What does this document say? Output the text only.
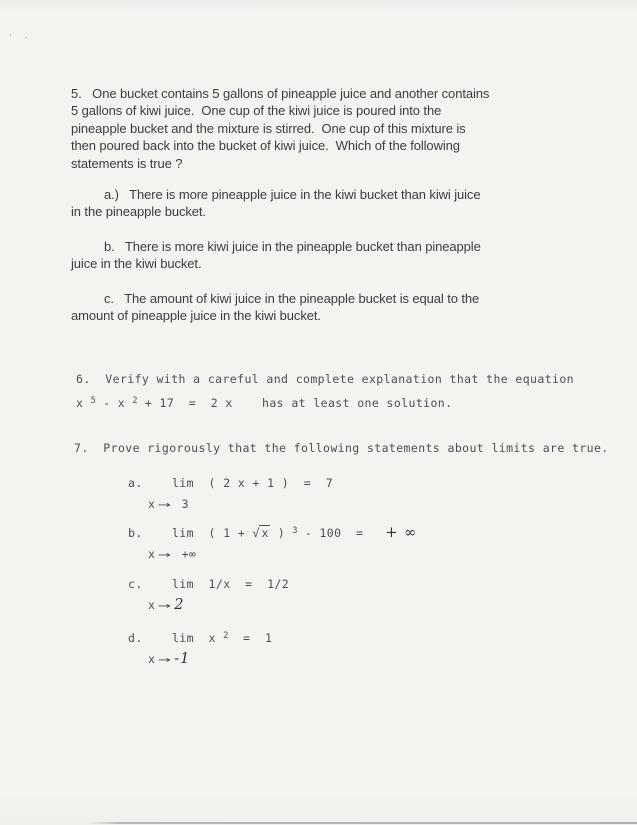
· .
5.   One bucket contains 5 gallons of pineapple juice and another contains
5 gallons of kiwi juice.  One cup of the kiwi juice is poured into the
pineapple bucket and the mixture is stirred.  One cup of this mixture is
then poured back into the bucket of kiwi juice.  Which of the following
statements is true ?
a.)   There is more pineapple juice in the kiwi bucket than kiwi juice
in the pineapple bucket.
b.   There is more kiwi juice in the pineapple bucket than pineapple
juice in the kiwi bucket.
c.   The amount of kiwi juice in the pineapple bucket is equal to the
amount of pineapple juice in the kiwi bucket.
6.  Verify with a careful and complete explanation that the equation
x $^5$ - x $^2$ + 17  =  2 x    has at least one solution.
7.  Prove rigorously that the following statements about limits are true.
a.    lim  ( 2 x + 1 )  =  7
x → 3
b.    lim  ( 1 + √ x ) $^3$ - 100  =   + ∞
x → +∞
c.    lim  1/x  =  1/2
x → 2
d.    lim  x $^2$  =  1
x → -1
